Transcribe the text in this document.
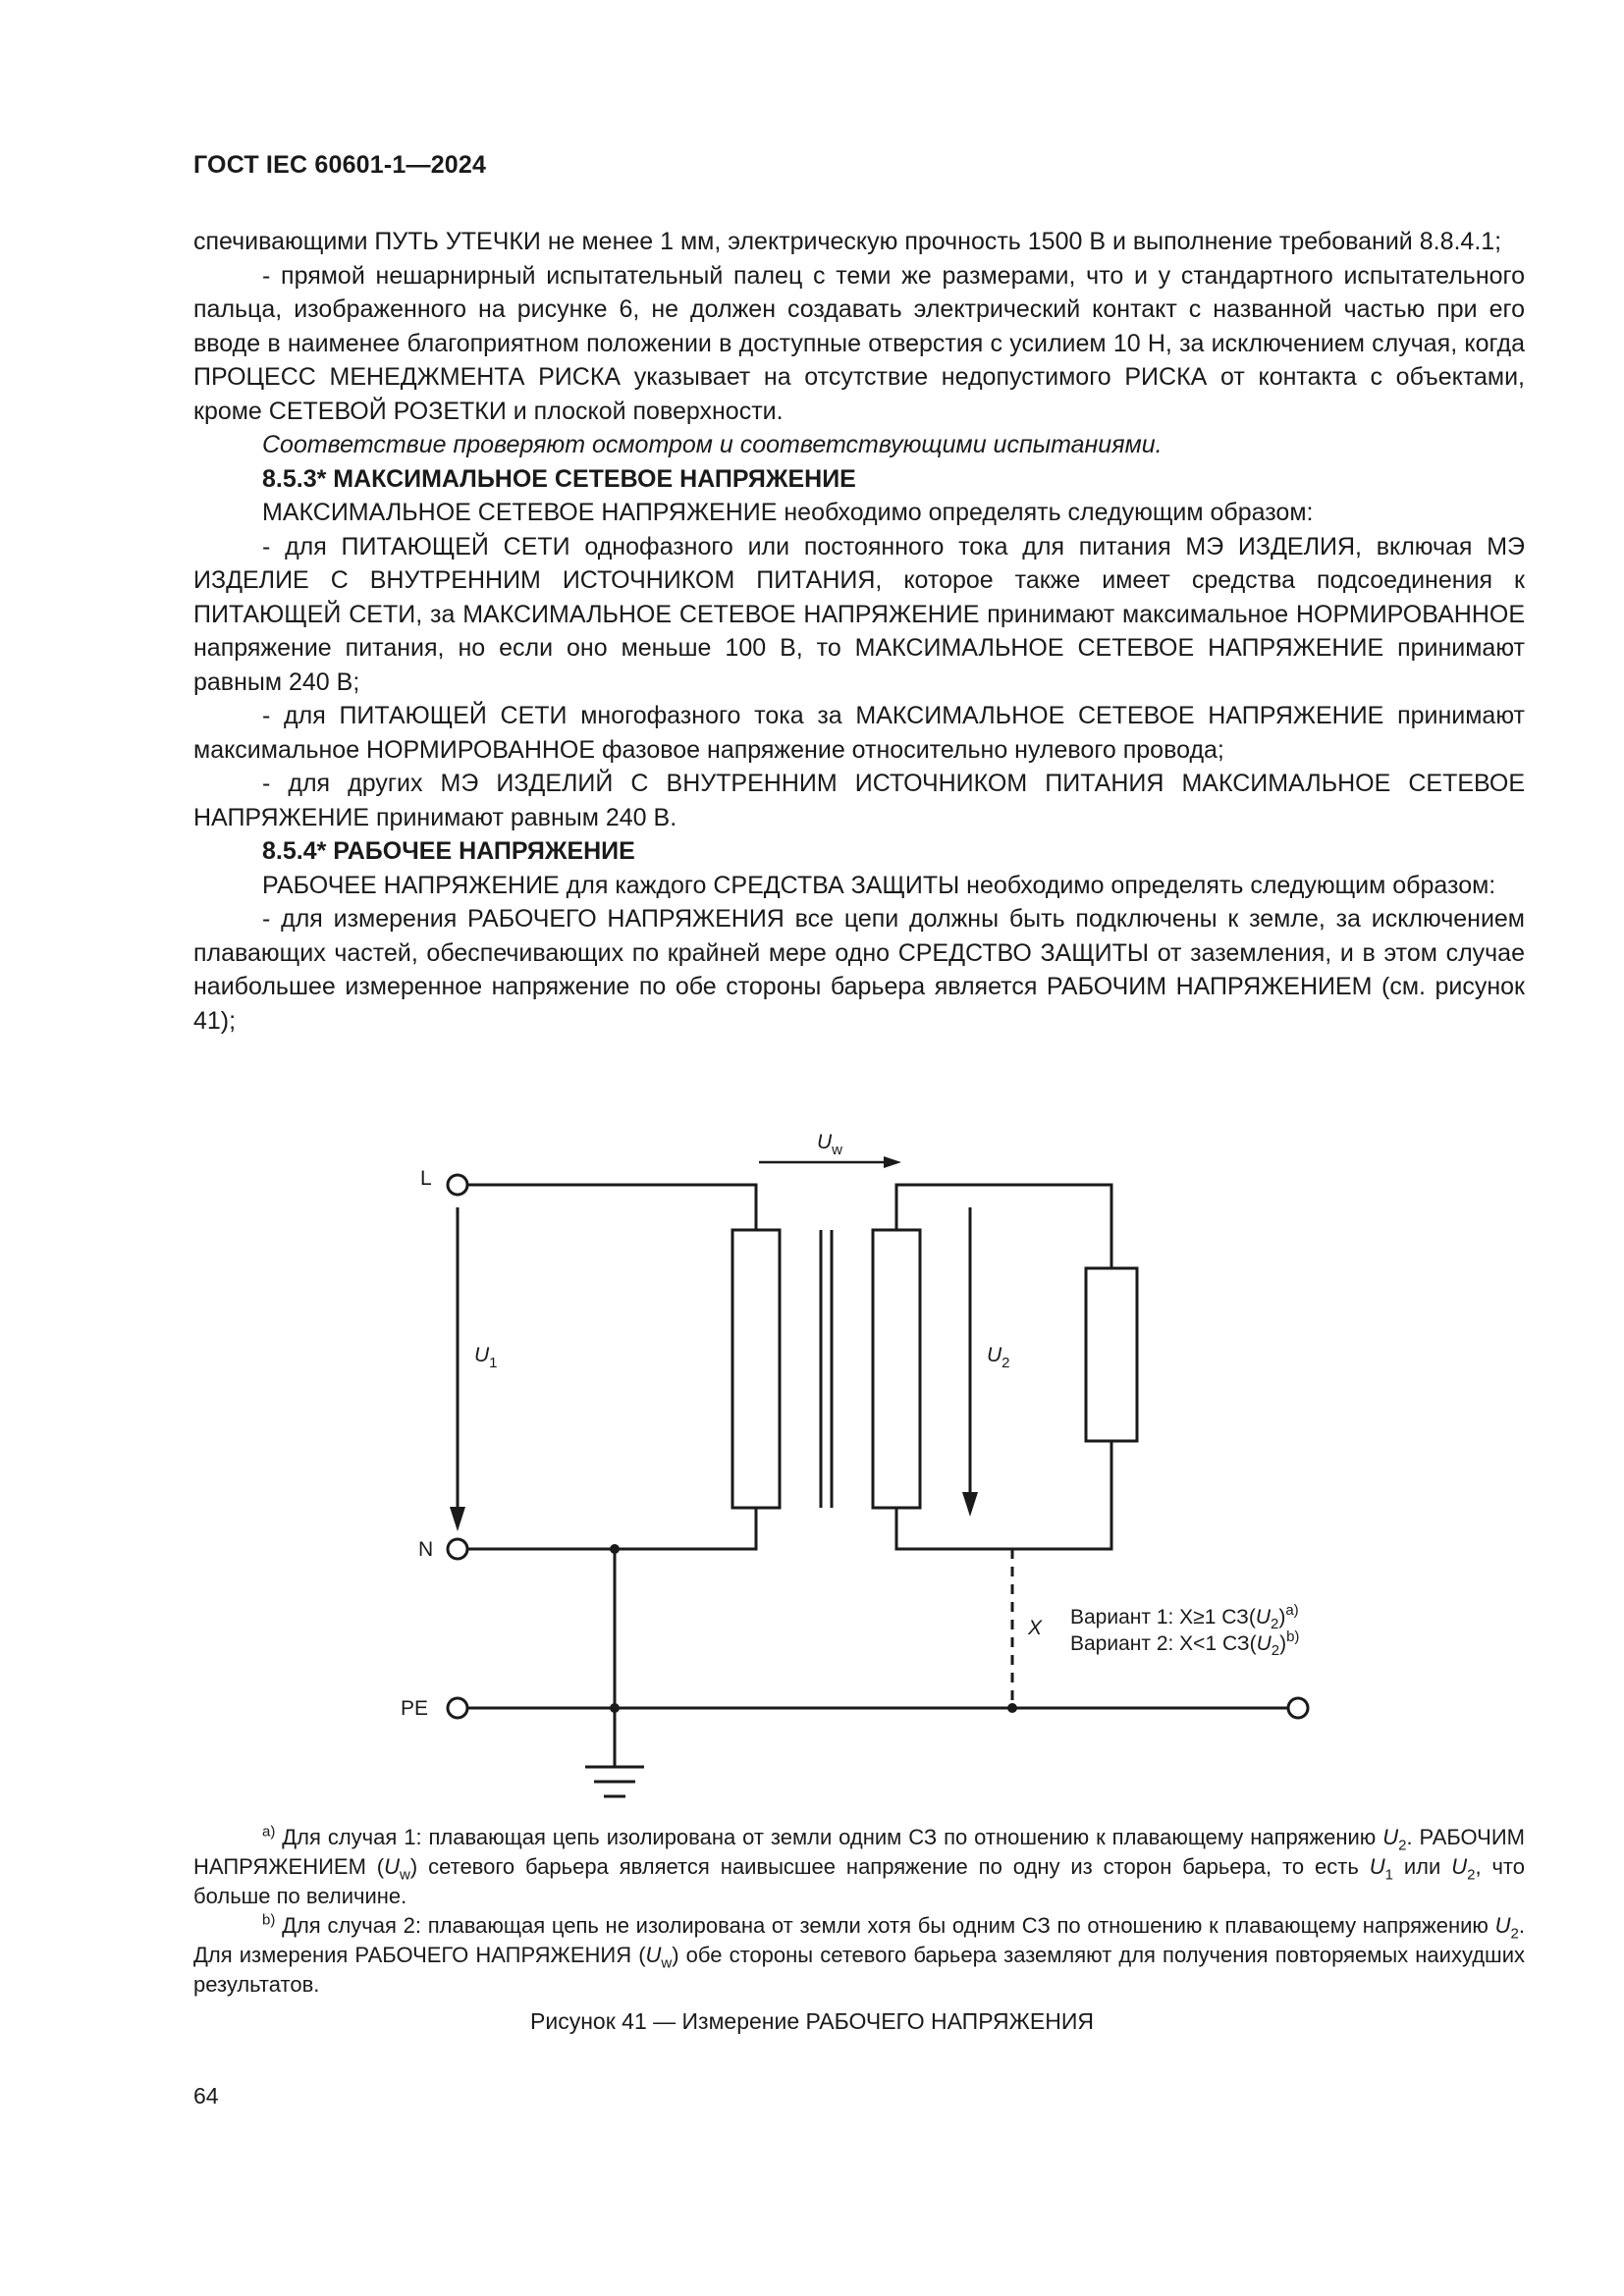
ГОСТ IEC 60601-1—2024

спечивающими ПУТЬ УТЕЧКИ не менее 1 мм, электрическую прочность 1500 В и выполнение требований 8.8.4.1;

- прямой нешарнирный испытательный палец с теми же размерами, что и у стандартного испытательного пальца, изображенного на рисунке 6, не должен создавать электрический контакт с названной частью при его вводе в наименее благоприятном положении в доступные отверстия с усилием 10 Н, за исключением случая, когда ПРОЦЕСС МЕНЕДЖМЕНТА РИСКА указывает на отсутствие недопустимого РИСКА от контакта с объектами, кроме СЕТЕВОЙ РОЗЕТКИ и плоской поверхности.

Соответствие проверяют осмотром и соответствующими испытаниями.

8.5.3* МАКСИМАЛЬНОЕ СЕТЕВОЕ НАПРЯЖЕНИЕ

МАКСИМАЛЬНОЕ СЕТЕВОЕ НАПРЯЖЕНИЕ необходимо определять следующим образом:

- для ПИТАЮЩЕЙ СЕТИ однофазного или постоянного тока для питания МЭ ИЗДЕЛИЯ, включая МЭ ИЗДЕЛИЕ С ВНУТРЕННИМ ИСТОЧНИКОМ ПИТАНИЯ, которое также имеет средства подсоединения к ПИТАЮЩЕЙ СЕТИ, за МАКСИМАЛЬНОЕ СЕТЕВОЕ НАПРЯЖЕНИЕ принимают максимальное НОРМИРОВАННОЕ напряжение питания, но если оно меньше 100 В, то МАКСИМАЛЬНОЕ СЕТЕВОЕ НАПРЯЖЕНИЕ принимают равным 240 В;

- для ПИТАЮЩЕЙ СЕТИ многофазного тока за МАКСИМАЛЬНОЕ СЕТЕВОЕ НАПРЯЖЕНИЕ принимают максимальное НОРМИРОВАННОЕ фазовое напряжение относительно нулевого провода;

- для других МЭ ИЗДЕЛИЙ С ВНУТРЕННИМ ИСТОЧНИКОМ ПИТАНИЯ МАКСИМАЛЬНОЕ СЕТЕВОЕ НАПРЯЖЕНИЕ принимают равным 240 В.

8.5.4* РАБОЧЕЕ НАПРЯЖЕНИЕ

РАБОЧЕЕ НАПРЯЖЕНИЕ для каждого СРЕДСТВА ЗАЩИТЫ необходимо определять следующим образом:

- для измерения РАБОЧЕГО НАПРЯЖЕНИЯ все цепи должны быть подключены к земле, за исключением плавающих частей, обеспечивающих по крайней мере одно СРЕДСТВО ЗАЩИТЫ от заземления, и в этом случае наибольшее измеренное напряжение по обе стороны барьера является РАБОЧИМ НАПРЯЖЕНИЕМ (см. рисунок 41);

L
N
PE
$U_w$
$U_1$	$U_2$
X Вариант 1: X≥1 $СЗ(U_2)^{a)}$
Вариант 2: X<1 $СЗ(U_2)^{b)}$

$^{a)}$ Для случая 1: плавающая цепь изолирована от земли одним СЗ по отношению к плавающему напряжению $U_2$. РАБОЧИМ НАПРЯЖЕНИЕМ $(U_w)$ сетевого барьера является наивысшее напряжение по одну из сторон барьера, то есть $U_1$ или $U_2$, что больше по величине.

$^{b)}$ Для случая 2: плавающая цепь не изолирована от земли хотя бы одним СЗ по отношению к плавающему напряжению $U_2$. Для измерения РАБОЧЕГО НАПРЯЖЕНИЯ $(U_w)$ обе стороны сетевого барьера заземляют для получения повторяемых наихудших результатов.

Рисунок 41 — Измерение РАБОЧЕГО НАПРЯЖЕНИЯ
64
